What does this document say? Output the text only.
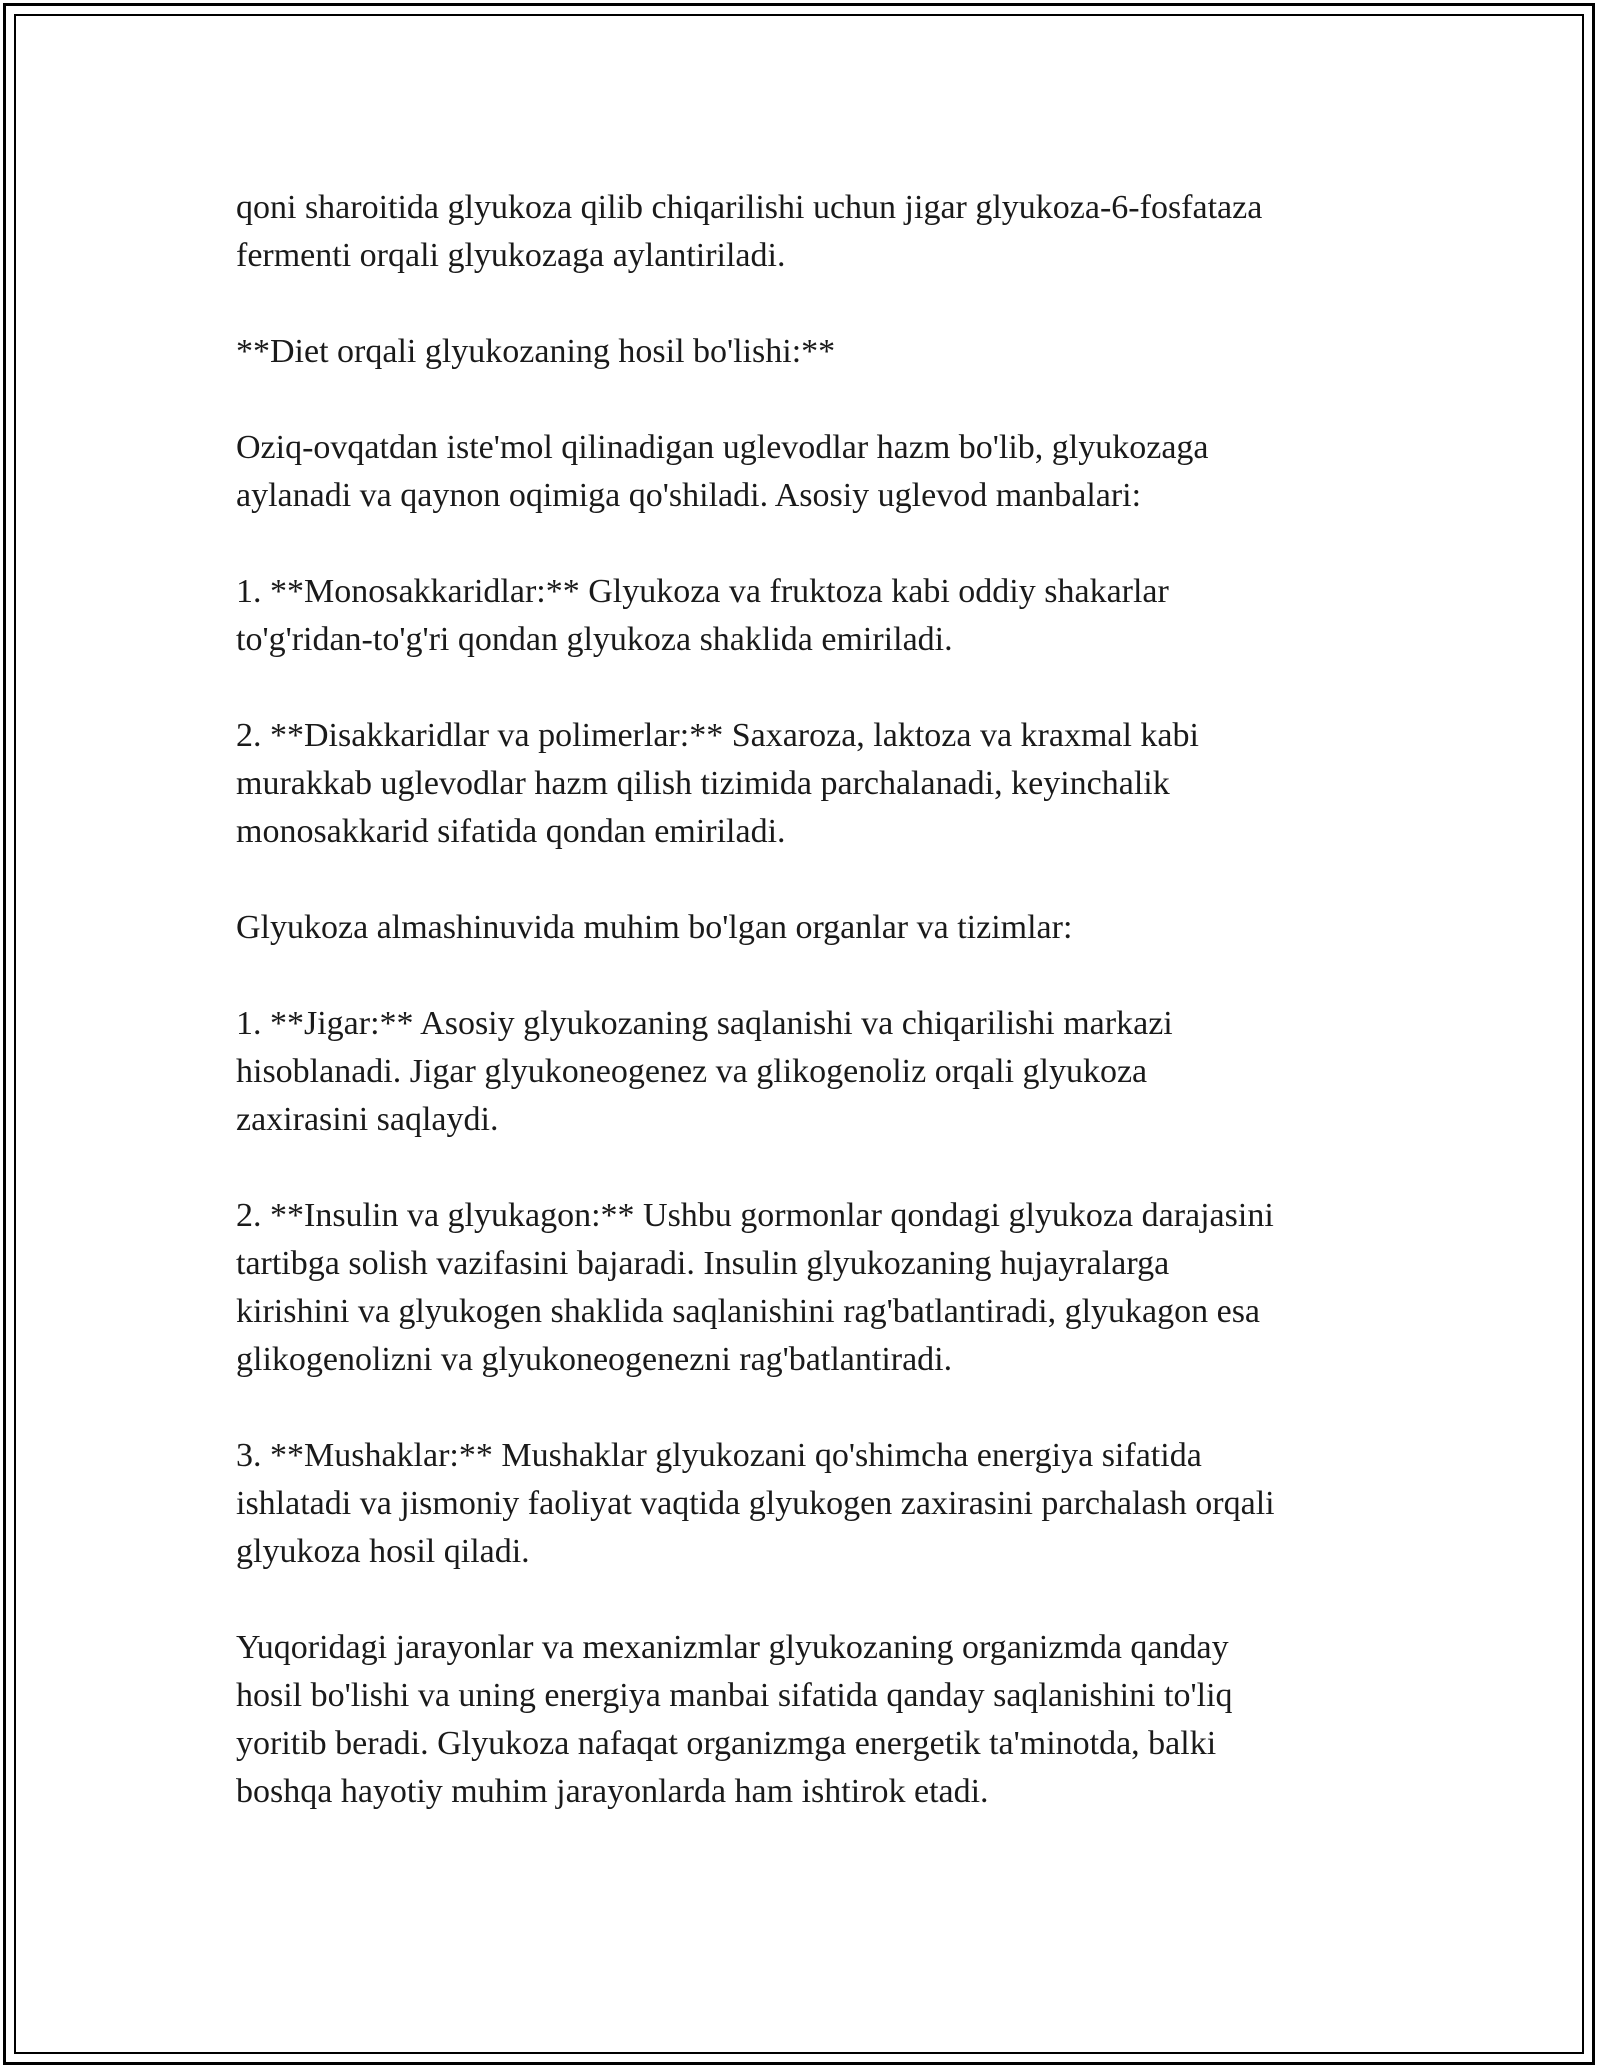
qoni sharoitida glyukoza qilib chiqarilishi uchun jigar glyukoza-6-fosfataza
fermenti orqali glyukozaga aylantiriladi.

**Diet orqali glyukozaning hosil bo'lishi:**

Oziq-ovqatdan iste'mol qilinadigan uglevodlar hazm bo'lib, glyukozaga
aylanadi va qaynon oqimiga qo'shiladi. Asosiy uglevod manbalari:

1. **Monosakkaridlar:** Glyukoza va fruktoza kabi oddiy shakarlar
to'g'ridan-to'g'ri qondan glyukoza shaklida emiriladi.

2. **Disakkaridlar va polimerlar:** Saxaroza, laktoza va kraxmal kabi
murakkab uglevodlar hazm qilish tizimida parchalanadi, keyinchalik
monosakkarid sifatida qondan emiriladi.

Glyukoza almashinuvida muhim bo'lgan organlar va tizimlar:

1. **Jigar:** Asosiy glyukozaning saqlanishi va chiqarilishi markazi
hisoblanadi. Jigar glyukoneogenez va glikogenoliz orqali glyukoza
zaxirasini saqlaydi.

2. **Insulin va glyukagon:** Ushbu gormonlar qondagi glyukoza darajasini
tartibga solish vazifasini bajaradi. Insulin glyukozaning hujayralarga
kirishini va glyukogen shaklida saqlanishini rag'batlantiradi, glyukagon esa
glikogenolizni va glyukoneogenezni rag'batlantiradi.

3. **Mushaklar:** Mushaklar glyukozani qo'shimcha energiya sifatida
ishlatadi va jismoniy faoliyat vaqtida glyukogen zaxirasini parchalash orqali
glyukoza hosil qiladi.

Yuqoridagi jarayonlar va mexanizmlar glyukozaning organizmda qanday
hosil bo'lishi va uning energiya manbai sifatida qanday saqlanishini to'liq
yoritib beradi. Glyukoza nafaqat organizmga energetik ta'minotda, balki
boshqa hayotiy muhim jarayonlarda ham ishtirok etadi.
